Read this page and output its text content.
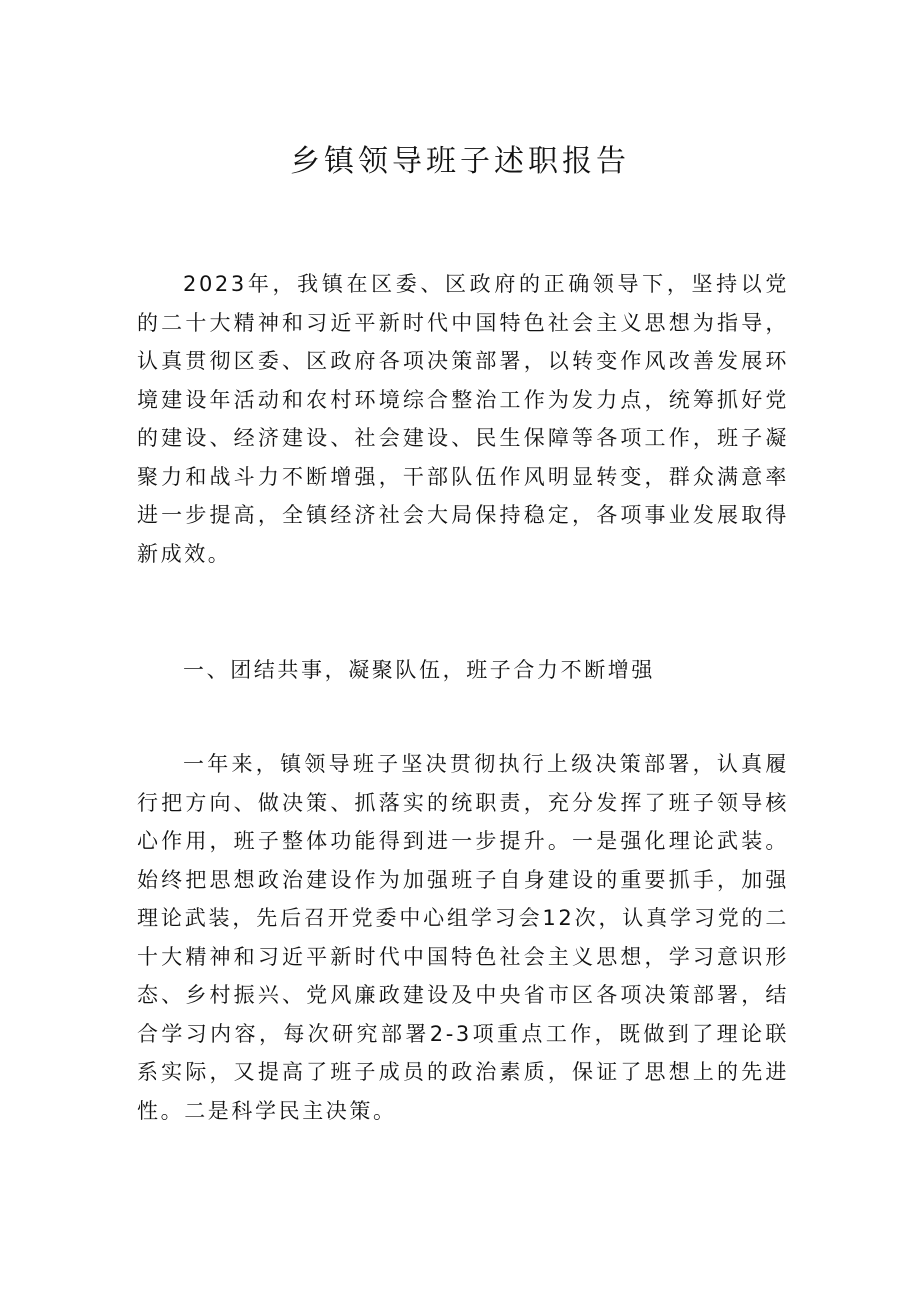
乡镇领导班子述职报告

2023年，我镇在区委、区政府的正确领导下，坚持以党的二十大精神和习近平新时代中国特色社会主义思想为指导，认真贯彻区委、区政府各项决策部署，以转变作风改善发展环境建设年活动和农村环境综合整治工作为发力点，统筹抓好党的建设、经济建设、社会建设、民生保障等各项工作，班子凝聚力和战斗力不断增强，干部队伍作风明显转变，群众满意率进一步提高，全镇经济社会大局保持稳定，各项事业发展取得新成效。

一、团结共事，凝聚队伍，班子合力不断增强

一年来，镇领导班子坚决贯彻执行上级决策部署，认真履行把方向、做决策、抓落实的统职责，充分发挥了班子领导核心作用，班子整体功能得到进一步提升。一是强化理论武装。始终把思想政治建设作为加强班子自身建设的重要抓手，加强理论武装，先后召开党委中心组学习会12次，认真学习党的二十大精神和习近平新时代中国特色社会主义思想，学习意识形态、乡村振兴、党风廉政建设及中央省市区各项决策部署，结合学习内容，每次研究部署2-3项重点工作，既做到了理论联系实际，又提高了班子成员的政治素质，保证了思想上的先进性。二是科学民主决策。
